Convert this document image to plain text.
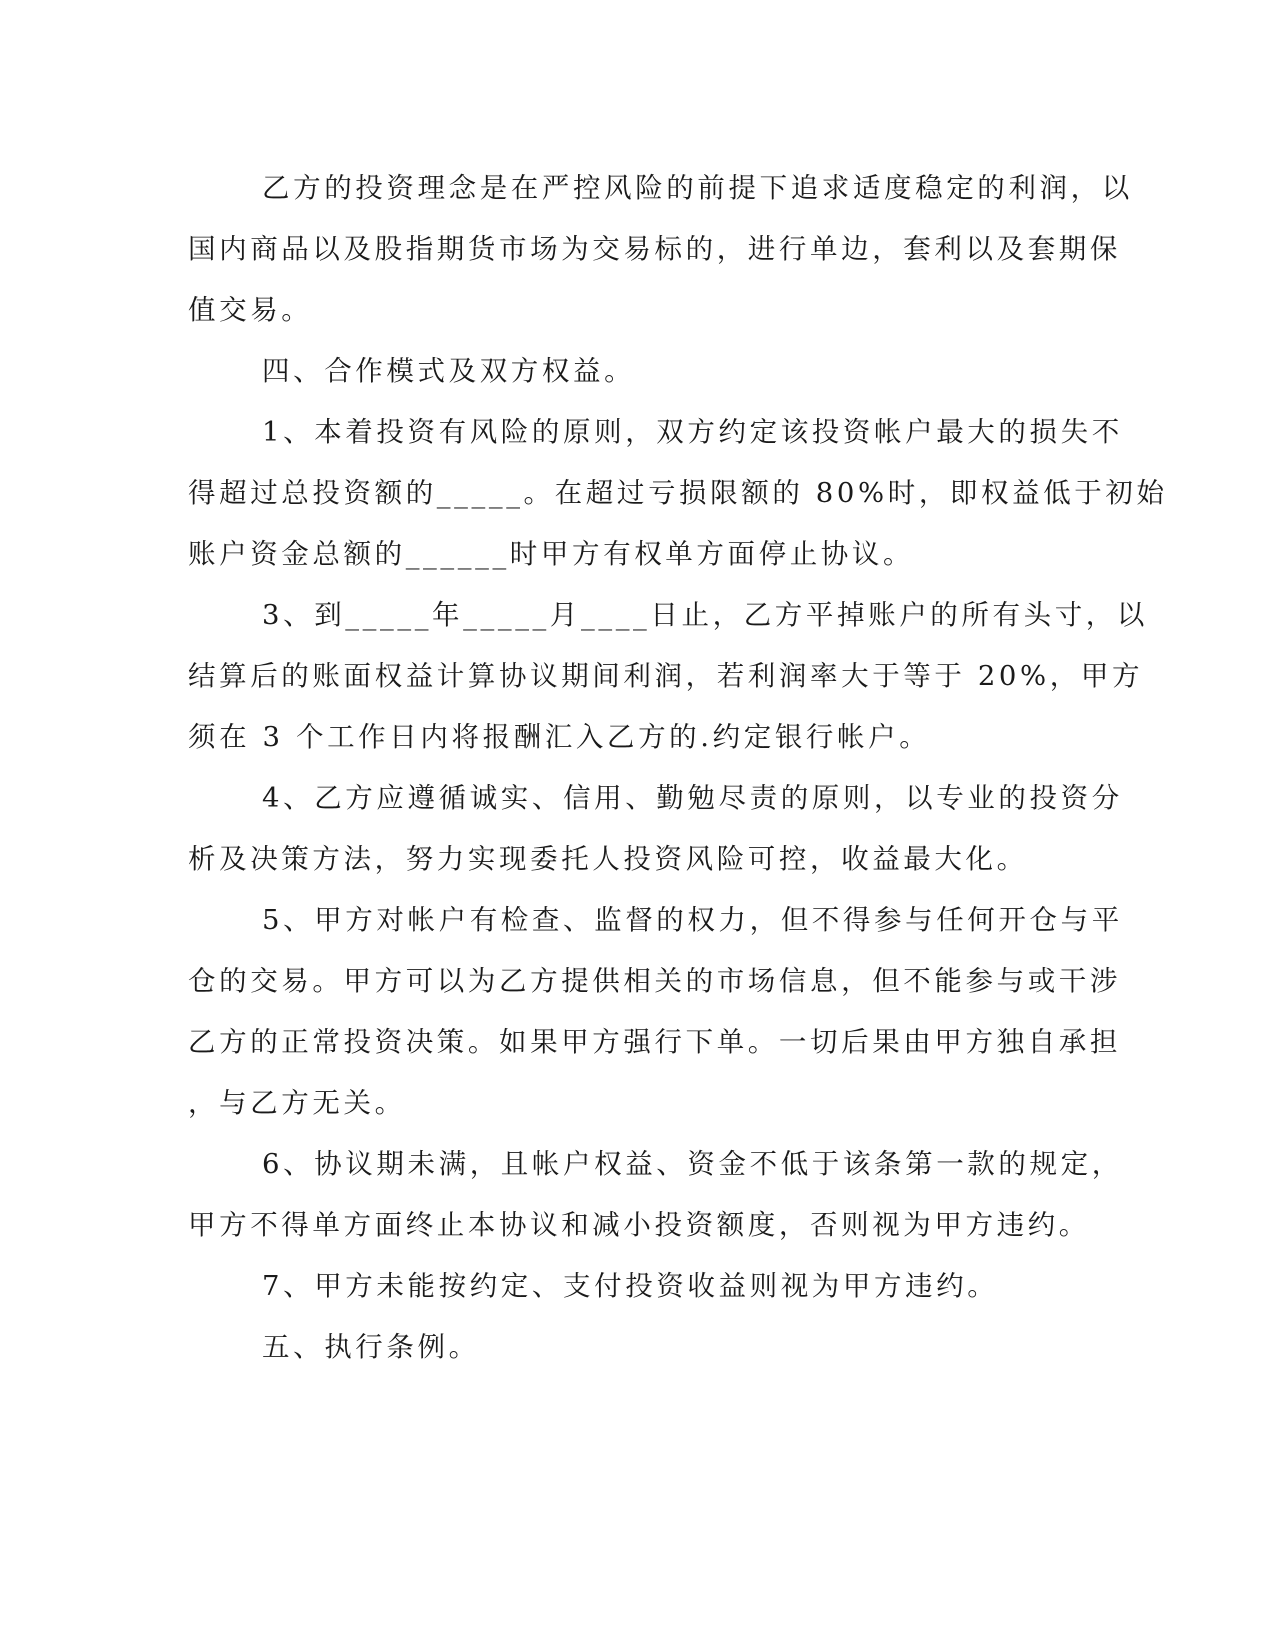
乙方的投资理念是在严控风险的前提下追求适度稳定的利润，以
国内商品以及股指期货市场为交易标的，进行单边，套利以及套期保
值交易。
四、合作模式及双方权益。
1、本着投资有风险的原则，双方约定该投资帐户最大的损失不
得超过总投资额的_____。在超过亏损限额的 80%时，即权益低于初始
账户资金总额的______时甲方有权单方面停止协议。
3、到_____年_____月____日止，乙方平掉账户的所有头寸，以
结算后的账面权益计算协议期间利润，若利润率大于等于 20%，甲方
须在 3 个工作日内将报酬汇入乙方的.约定银行帐户。
4、乙方应遵循诚实、信用、勤勉尽责的原则，以专业的投资分
析及决策方法，努力实现委托人投资风险可控，收益最大化。
5、甲方对帐户有检查、监督的权力，但不得参与任何开仓与平
仓的交易。甲方可以为乙方提供相关的市场信息，但不能参与或干涉
乙方的正常投资决策。如果甲方强行下单。一切后果由甲方独自承担
，与乙方无关。
6、协议期未满，且帐户权益、资金不低于该条第一款的规定，
甲方不得单方面终止本协议和减小投资额度，否则视为甲方违约。
7、甲方未能按约定、支付投资收益则视为甲方违约。
五、执行条例。
